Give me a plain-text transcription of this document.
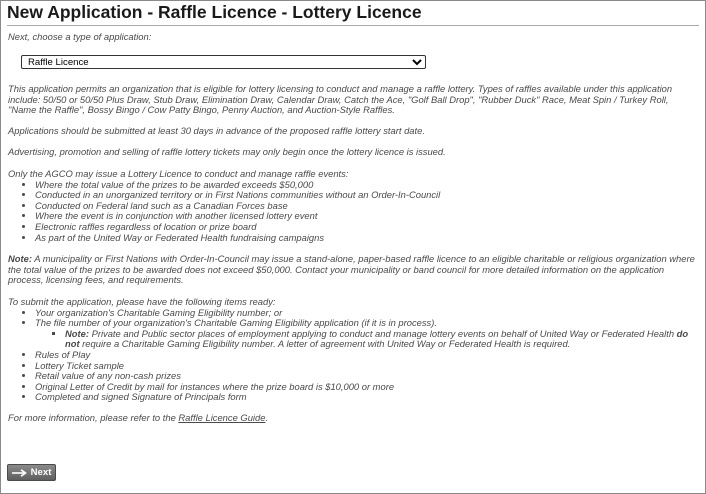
New Application - Raffle Licence - Lottery Licence

Next, choose a type of application:

Raffle Licence

This application permits an organization that is eligible for lottery licensing to conduct and manage a raffle lottery. Types of raffles available under this application include: 50/50 or 50/50 Plus Draw, Stub Draw, Elimination Draw, Calendar Draw, Catch the Ace, "Golf Ball Drop", "Rubber Duck" Race, Meat Spin / Turkey Roll, "Name the Raffle", Bossy Bingo / Cow Patty Bingo, Penny Auction, and Auction-Style Raffles.

Applications should be submitted at least 30 days in advance of the proposed raffle lottery start date.

Advertising, promotion and selling of raffle lottery tickets may only begin once the lottery licence is issued.

Only the AGCO may issue a Lottery Licence to conduct and manage raffle events:
• Where the total value of the prizes to be awarded exceeds $50,000
• Conducted in an unorganized territory or in First Nations communities without an Order-In-Council
• Conducted on Federal land such as a Canadian Forces base
• Where the event is in conjunction with another licensed lottery event
• Electronic raffles regardless of location or prize board
• As part of the United Way or Federated Health fundraising campaigns

Note: A municipality or First Nations with Order-In-Council may issue a stand-alone, paper-based raffle licence to an eligible charitable or religious organization where the total value of the prizes to be awarded does not exceed $50,000. Contact your municipality or band council for more detailed information on the application process, licensing fees, and requirements.

To submit the application, please have the following items ready:
• Your organization's Charitable Gaming Eligibility number; or
• The file number of your organization's Charitable Gaming Eligibility application (if it is in process).
▪ Note: Private and Public sector places of employment applying to conduct and manage lottery events on behalf of United Way or Federated Health do not require a Charitable Gaming Eligibility number. A letter of agreement with United Way or Federated Health is required.
• Rules of Play
• Lottery Ticket sample
• Retail value of any non-cash prizes
• Original Letter of Credit by mail for instances where the prize board is $10,000 or more
• Completed and signed Signature of Principals form

For more information, please refer to the Raffle Licence Guide.

Next
